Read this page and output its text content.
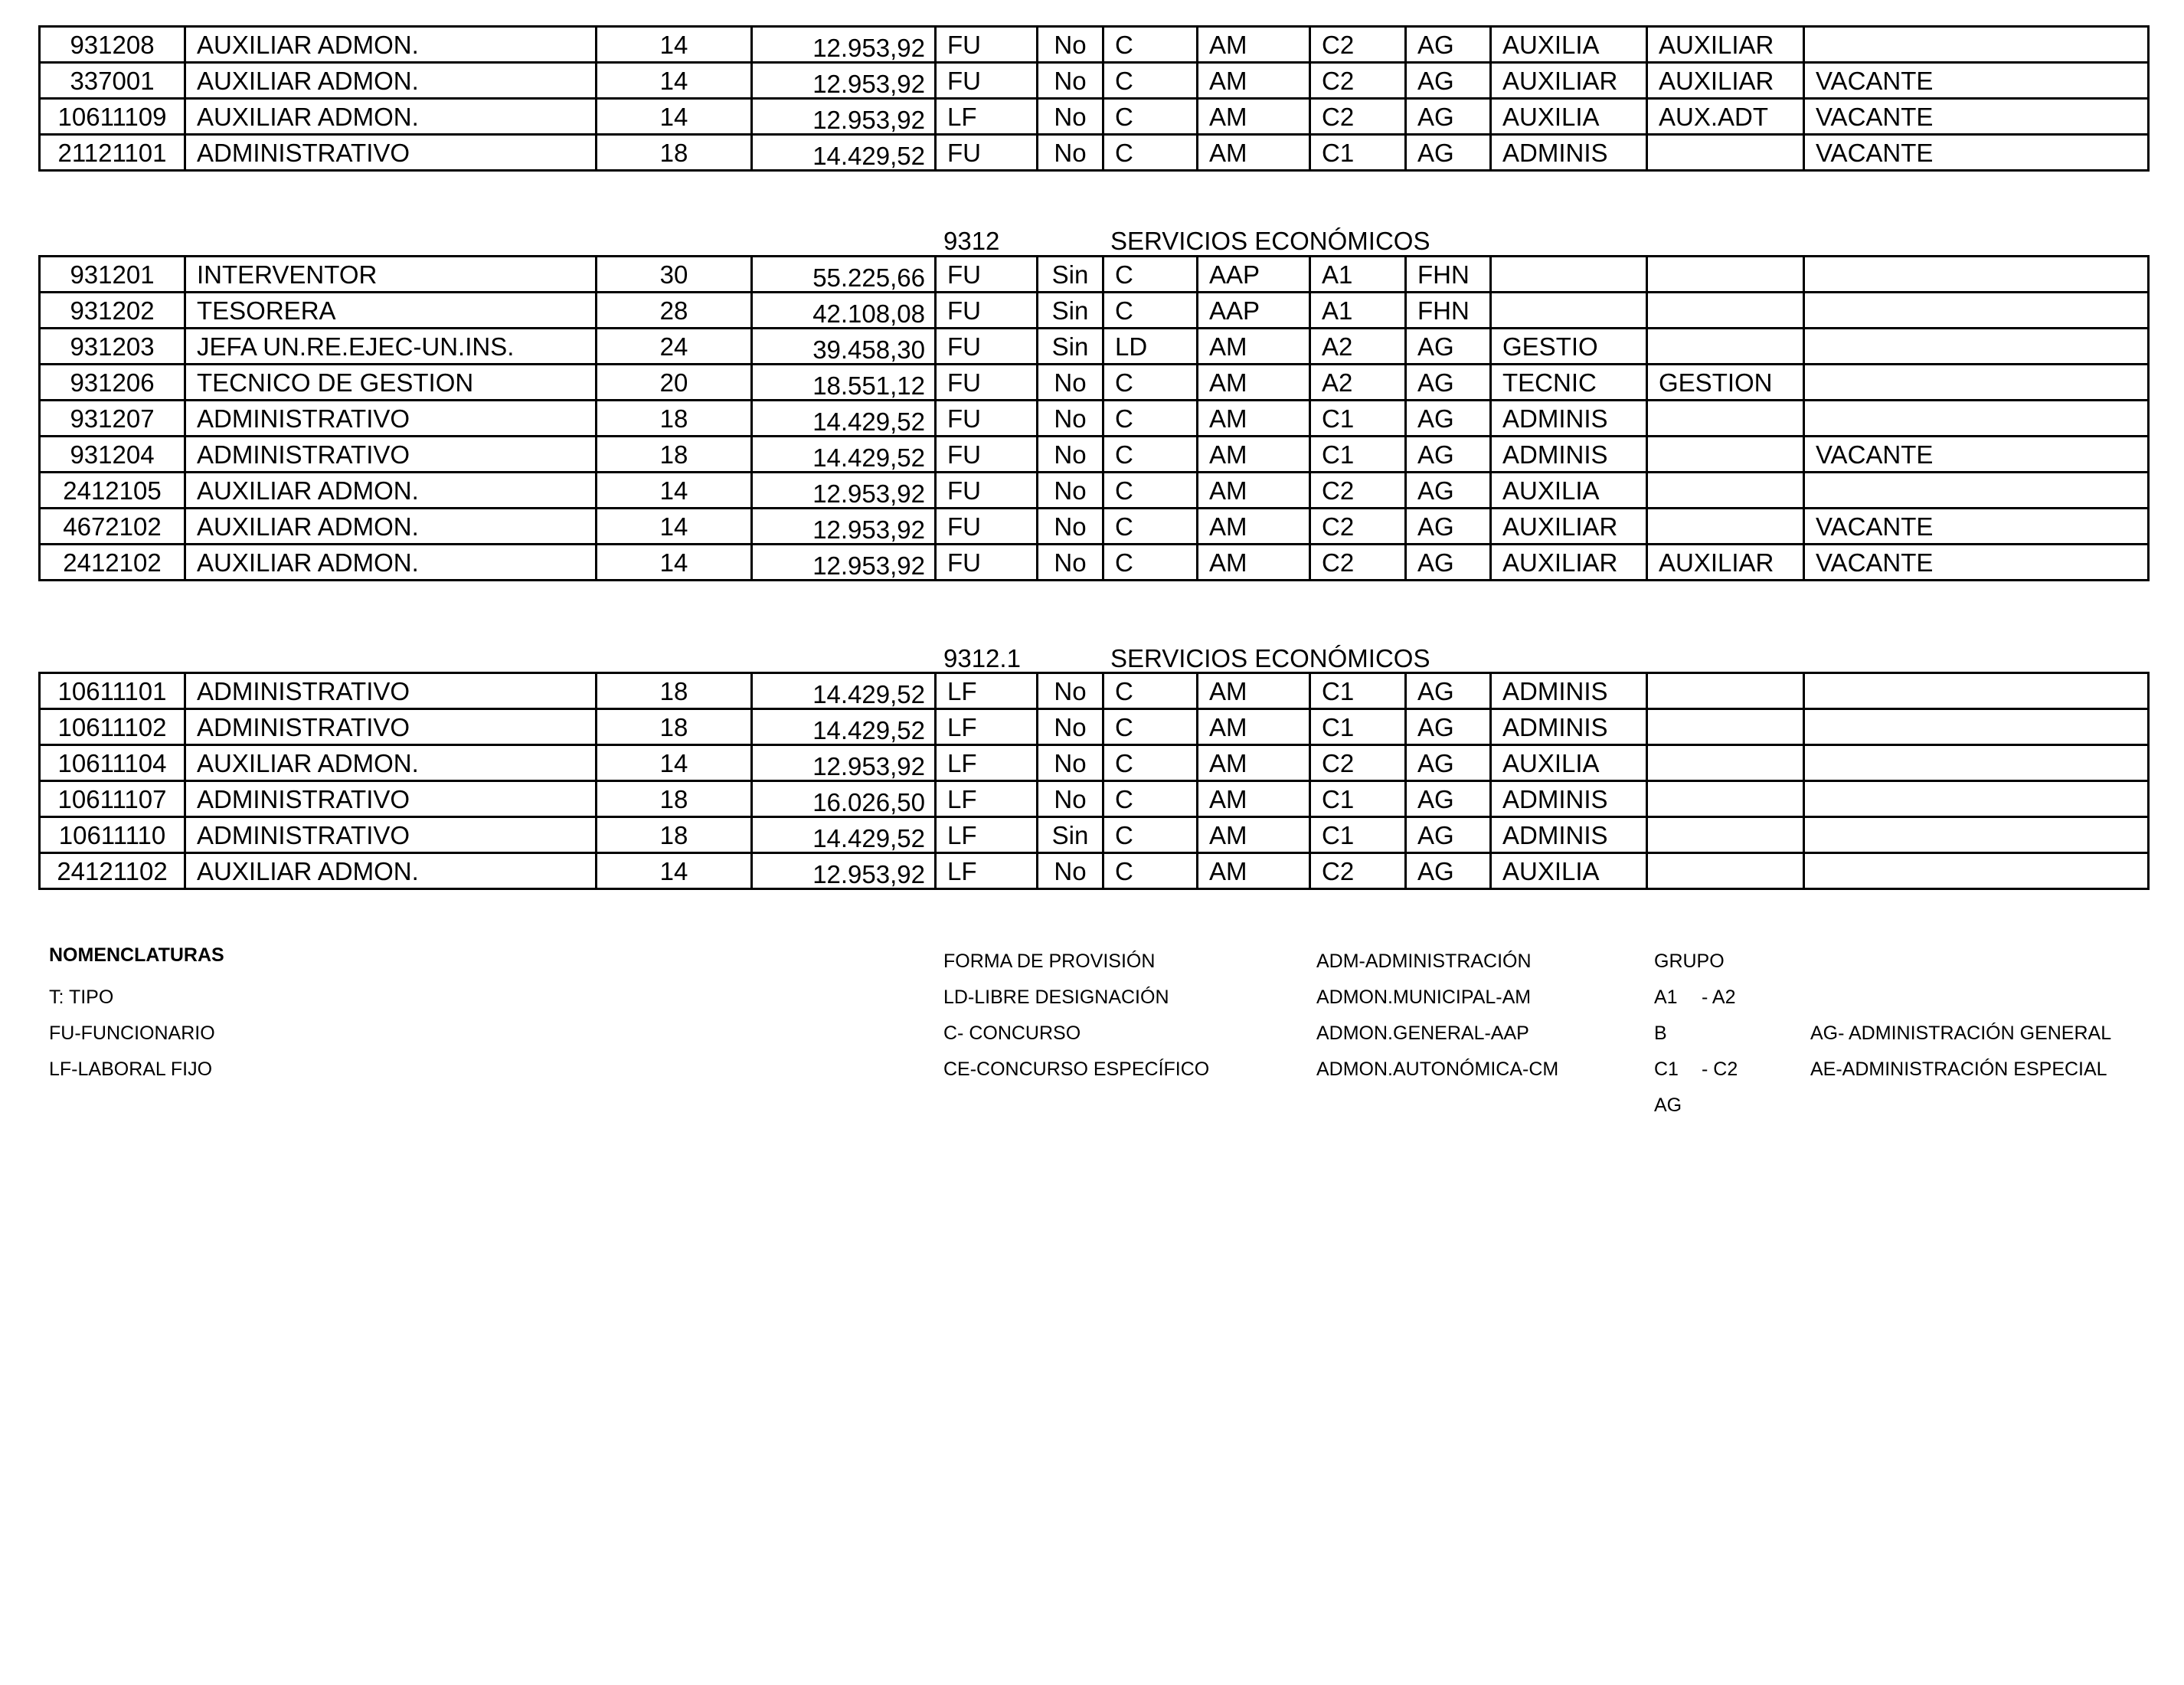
931208	AUXILIAR ADMON.	14	12.953,92	FU	No	C	AM	C2	AG	AUXILIA	AUXILIAR	
337001	AUXILIAR ADMON.	14	12.953,92	FU	No	C	AM	C2	AG	AUXILIAR	AUXILIAR	VACANTE
10611109	AUXILIAR ADMON.	14	12.953,92	LF	No	C	AM	C2	AG	AUXILIA	AUX.ADT	VACANTE
21121101	ADMINISTRATIVO	18	14.429,52	FU	No	C	AM	C1	AG	ADMINIS		VACANTE
9312	SERVICIOS ECONÓMICOS
931201	INTERVENTOR	30	55.225,66	FU	Sin	C	AAP	A1	FHN			
931202	TESORERA	28	42.108,08	FU	Sin	C	AAP	A1	FHN			
931203	JEFA UN.RE.EJEC-UN.INS.	24	39.458,30	FU	Sin	LD	AM	A2	AG	GESTIO		
931206	TECNICO DE GESTION	20	18.551,12	FU	No	C	AM	A2	AG	TECNIC	GESTION	
931207	ADMINISTRATIVO	18	14.429,52	FU	No	C	AM	C1	AG	ADMINIS		
931204	ADMINISTRATIVO	18	14.429,52	FU	No	C	AM	C1	AG	ADMINIS		VACANTE
2412105	AUXILIAR ADMON.	14	12.953,92	FU	No	C	AM	C2	AG	AUXILIA		
4672102	AUXILIAR ADMON.	14	12.953,92	FU	No	C	AM	C2	AG	AUXILIAR		VACANTE
2412102	AUXILIAR ADMON.	14	12.953,92	FU	No	C	AM	C2	AG	AUXILIAR	AUXILIAR	VACANTE
9312.1	SERVICIOS ECONÓMICOS
10611101	ADMINISTRATIVO	18	14.429,52	LF	No	C	AM	C1	AG	ADMINIS		
10611102	ADMINISTRATIVO	18	14.429,52	LF	No	C	AM	C1	AG	ADMINIS		
10611104	AUXILIAR ADMON.	14	12.953,92	LF	No	C	AM	C2	AG	AUXILIA		
10611107	ADMINISTRATIVO	18	16.026,50	LF	No	C	AM	C1	AG	ADMINIS		
10611110	ADMINISTRATIVO	18	14.429,52	LF	Sin	C	AM	C1	AG	ADMINIS		
24121102	AUXILIAR ADMON.	14	12.953,92	LF	No	C	AM	C2	AG	AUXILIA		
NOMENCLATURAS
T: TIPO
FU-FUNCIONARIO
LF-LABORAL FIJO
FORMA DE PROVISIÓN
LD-LIBRE DESIGNACIÓN
C- CONCURSO
CE-CONCURSO ESPECÍFICO
ADM-ADMINISTRACIÓN
ADMON.MUNICIPAL-AM
ADMON.GENERAL-AAP
ADMON.AUTONÓMICA-CM
GRUPO
A1 - A2
B
C1 - C2
AG
AG- ADMINISTRACIÓN GENERAL
AE-ADMINISTRACIÓN ESPECIAL
